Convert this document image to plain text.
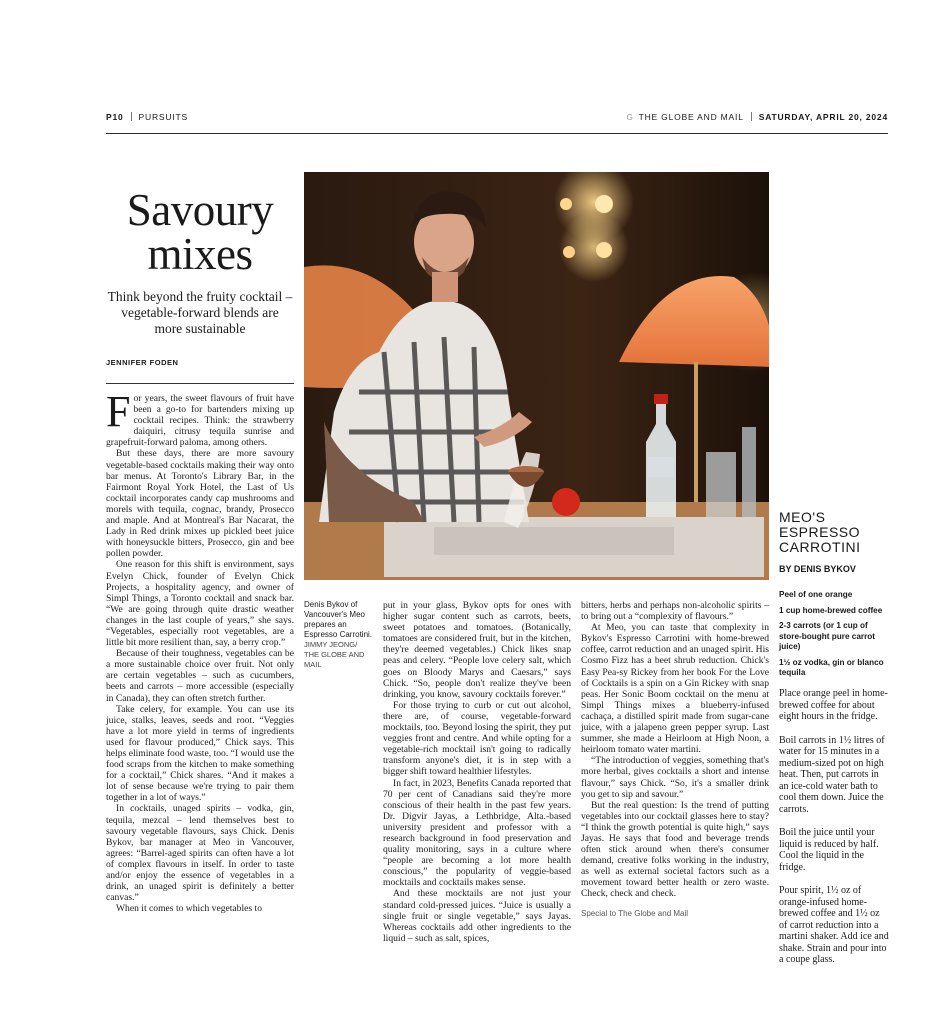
P10 PURSUITS	G THE GLOBE AND MAIL SATURDAY, APRIL 20, 2024
Savoury mixes
Think beyond the fruity cocktail – vegetable-forward blends are more sustainable
JENNIFER FODEN

For years, the sweet flavours of fruit have been a go-to for bartenders mixing up cocktail recipes. Think: the strawberry daiquiri, citrusy tequila sunrise and grapefruit-forward paloma, among others.

But these days, there are more savoury vegetable-based cocktails making their way onto bar menus. At Toronto's Library Bar, in the Fairmont Royal York Hotel, the Last of Us cocktail incorporates candy cap mushrooms and morels with tequila, cognac, brandy, Prosecco and maple. And at Montreal's Bar Nacarat, the Lady in Red drink mixes up pickled beet juice with honeysuckle bitters, Prosecco, gin and bee pollen powder.

One reason for this shift is environment, says Evelyn Chick, founder of Evelyn Chick Projects, a hospitality agency, and owner of Simpl Things, a Toronto cocktail and snack bar. “We are going through quite drastic weather changes in the last couple of years,” she says. “Vegetables, especially root vegetables, are a little bit more resilient than, say, a berry crop.”

Because of their toughness, vegetables can be a more sustainable choice over fruit. Not only are certain vegetables – such as cucumbers, beets and carrots – more accessible (especially in Canada), they can often stretch further.

Take celery, for example. You can use its juice, stalks, leaves, seeds and root. “Veggies have a lot more yield in terms of ingredients used for flavour produced,” Chick says. This helps eliminate food waste, too. “I would use the food scraps from the kitchen to make something for a cocktail,” Chick shares. “And it makes a lot of sense because we're trying to pair them together in a lot of ways.”

In cocktails, unaged spirits – vodka, gin, tequila, mezcal – lend themselves best to savoury vegetable flavours, says Chick. Denis Bykov, bar manager at Meo in Vancouver, agrees: “Barrel-aged spirits can often have a lot of complex flavours in itself. In order to taste and/or enjoy the essence of vegetables in a drink, an unaged spirit is definitely a better canvas.”

When it comes to which vegetables to

Denis Bykov of Vancouver's Meo prepares an Espresso Carrotini.
JIMMY JEONG/ THE GLOBE AND MAIL

put in your glass, Bykov opts for ones with higher sugar content such as carrots, beets, sweet potatoes and tomatoes. (Botanically, tomatoes are considered fruit, but in the kitchen, they're deemed vegetables.) Chick likes snap peas and celery. “People love celery salt, which goes on Bloody Marys and Caesars,” says Chick. “So, people don't realize they've been drinking, you know, savoury cocktails forever.”

For those trying to curb or cut out alcohol, there are, of course, vegetable-forward mocktails, too. Beyond losing the spirit, they put veggies front and centre. And while opting for a vegetable-rich mocktail isn't going to radically transform anyone's diet, it is in step with a bigger shift toward healthier lifestyles.

In fact, in 2023, Benefits Canada reported that 70 per cent of Canadians said they're more conscious of their health in the past few years. Dr. Digvir Jayas, a Lethbridge, Alta.-based university president and professor with a research background in food preservation and quality monitoring, says in a culture where “people are becoming a lot more health conscious,” the popularity of veggie-based mocktails and cocktails makes sense.

And these mocktails are not just your standard cold-pressed juices. “Juice is usually a single fruit or single vegetable,” says Jayas. Whereas cocktails add other ingredients to the liquid – such as salt, spices,

bitters, herbs and perhaps non-alcoholic spirits – to bring out a “complexity of flavours.”

At Meo, you can taste that complexity in Bykov's Espresso Carrotini with home-brewed coffee, carrot reduction and an unaged spirit. His Cosmo Fizz has a beet shrub reduction. Chick's Easy Pea-sy Rickey from her book For the Love of Cocktails is a spin on a Gin Rickey with snap peas. Her Sonic Boom cocktail on the menu at Simpl Things mixes a blueberry-infused cachaça, a distilled spirit made from sugar-cane juice, with a jalapeno green pepper syrup. Last summer, she made a Heirloom at High Noon, a heirloom tomato water martini.

“The introduction of veggies, something that's more herbal, gives cocktails a short and intense flavour,” says Chick. “So, it's a smaller drink you get to sip and savour.”

But the real question: Is the trend of putting vegetables into our cocktail glasses here to stay? “I think the growth potential is quite high,” says Jayas. He says that food and beverage trends often stick around when there's consumer demand, creative folks working in the industry, as well as external societal factors such as a movement toward better health or zero waste. Check, check and check.

Special to The Globe and Mail

MEO'S ESPRESSO CARROTINI
BY DENIS BYKOV
Peel of one orange
1 cup home-brewed coffee
2-3 carrots (or 1 cup of store-bought pure carrot juice)
1½ oz vodka, gin or blanco tequila

Place orange peel in home-brewed coffee for about eight hours in the fridge.

Boil carrots in 1½ litres of water for 15 minutes in a medium-sized pot on high heat. Then, put carrots in an ice-cold water bath to cool them down. Juice the carrots.

Boil the juice until your liquid is reduced by half. Cool the liquid in the fridge.

Pour spirit, 1½ oz of orange-infused home-brewed coffee and 1½ oz of carrot reduction into a martini shaker. Add ice and shake. Strain and pour into a coupe glass.
